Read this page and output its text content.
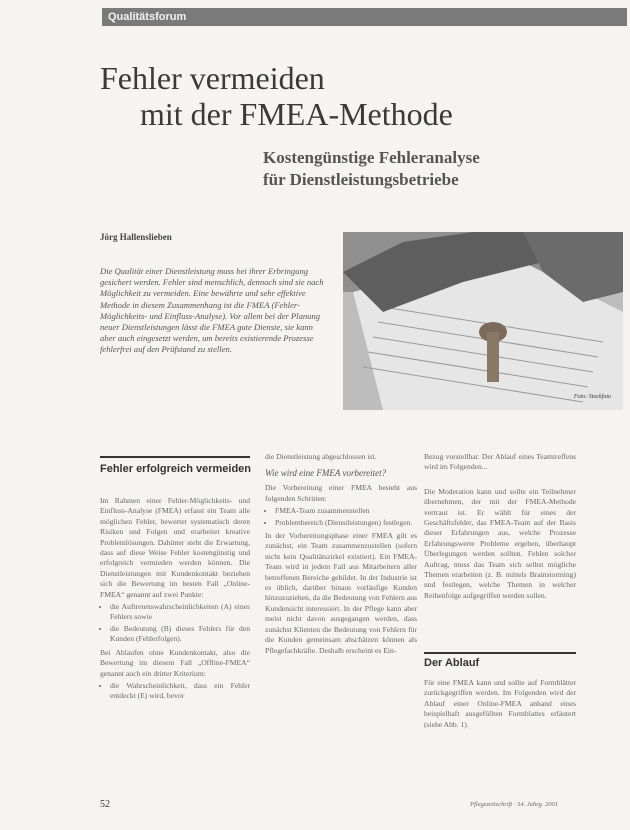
Qualitätsforum
Fehler vermeiden
mit der FMEA-Methode
Kostengünstige Fehleranalyse
für Dienstleistungsbetriebe
Jörg Hallenslieben
Die Qualität einer Dienstleistung muss bei ihrer Erbringung gesichert werden. Fehler sind menschlich, dennoch sind sie nach Möglichkeit zu vermeiden. Eine bewährte und sehr effektive Methode in diesem Zusammenhang ist die FMEA (Fehler-Möglichkeits- und Einfluss-Analyse). Vor allem bei der Planung neuer Dienstleistungen lässt die FMEA gute Dienste, sie kann aber auch eingesetzt werden, um bereits existierende Prozesse fehlerfrei auf den Prüfstand zu stellen.
Foto: Stockfoto
Fehler erfolgreich vermeiden

Im Rahmen einer Fehler-Möglichkeits- und Einfluss-Analyse (FMEA) erfasst ein Team alle möglichen Fehler, bewertet systematisch deren Risiken und Folgen und erarbeitet kreative Problemlösungen. Dahinter steht die Erwartung, dass auf diese Weise Fehler kostengünstig und erfolgreich vermieden werden können. Die Dienstleistungen mit Kundenkontakt beziehen sich die Bewertung im besten Fall „Online-FMEA“ genannt auf zwei Punkte:

• die Auftretenswahrscheinlichkeiten (A) eines Fehlers sowie
• die Bedeutung (B) dieses Fehlers für den Kunden (Fehlerfolgen).

Bei Ablaufen ohne Kundenkontakt, also die Bewertung im diesem Fall „Offline-FMEA“ genannt auch ein dritter Kriterium:

• die Wahrscheinlichkeit, dass ein Fehler entdeckt (E) wird, bevor

die Dienstleistung abgeschlossen ist.

Wie wird eine FMEA vorbereitet?

Die Vorbereitung einer FMEA besteht aus folgenden Schritten:

• FMEA-Team zusammenstellen
• Problembereich (Dienstleistungen) festlegen.

In der Vorbereitungsphase einer FMEA gilt es zunächst, ein Team zusammenzustellen (sofern nicht kein Qualitätszirkel existiert). Ein FMEA-Team wird in jedem Fall aus Mitarbeitern aller betroffenen Bereiche gebildet. In der Industrie ist es üblich, darüber hinaus vorläufige Kunden hinzuzuziehen, da die Bedeutung von Fehlern aus Kundensicht interessiert. In der Pflege kann aber meist nicht davon ausgegangen werden, dass zunächst Klienten die Bedeutung von Fehlern für die Kunden gemeinsam abschätzen können als Pflegefachkräfte. Deshalb erscheint es Ein-

Bezug vorstellbar. Der Ablauf eines Teamtreffens wird im Folgenden...

Die Moderation kann und sollte ein Teilnehmer übernehmen, der mit der FMEA-Methode vertraut ist. Er wählt für eines der Geschäftsfelder, das FMEA-Team auf der Basis dieser Erfahrungen aus, welche Prozesse Erfahrungswerte Probleme ergeben, überhaupt Überlegungen werden sollten. Fehlen solcher Auftrag, muss das Team sich selbst mögliche Themen erarbeiten (z. B. mittels Brainstorming) und festlegen, welche Themen in welcher Reihenfolge aufgegriffen werden sollen.

Der Ablauf

Für eine FMEA kann und sollte auf Formblätter zurückgegriffen werden. Im Folgenden wird der Ablauf einer Online-FMEA anhand eines beispielhaft ausgefüllten Formblattes erläutert (siehe Abb. 1).

52	Pflegezeitschrift · 54. Jahrg. 2001
